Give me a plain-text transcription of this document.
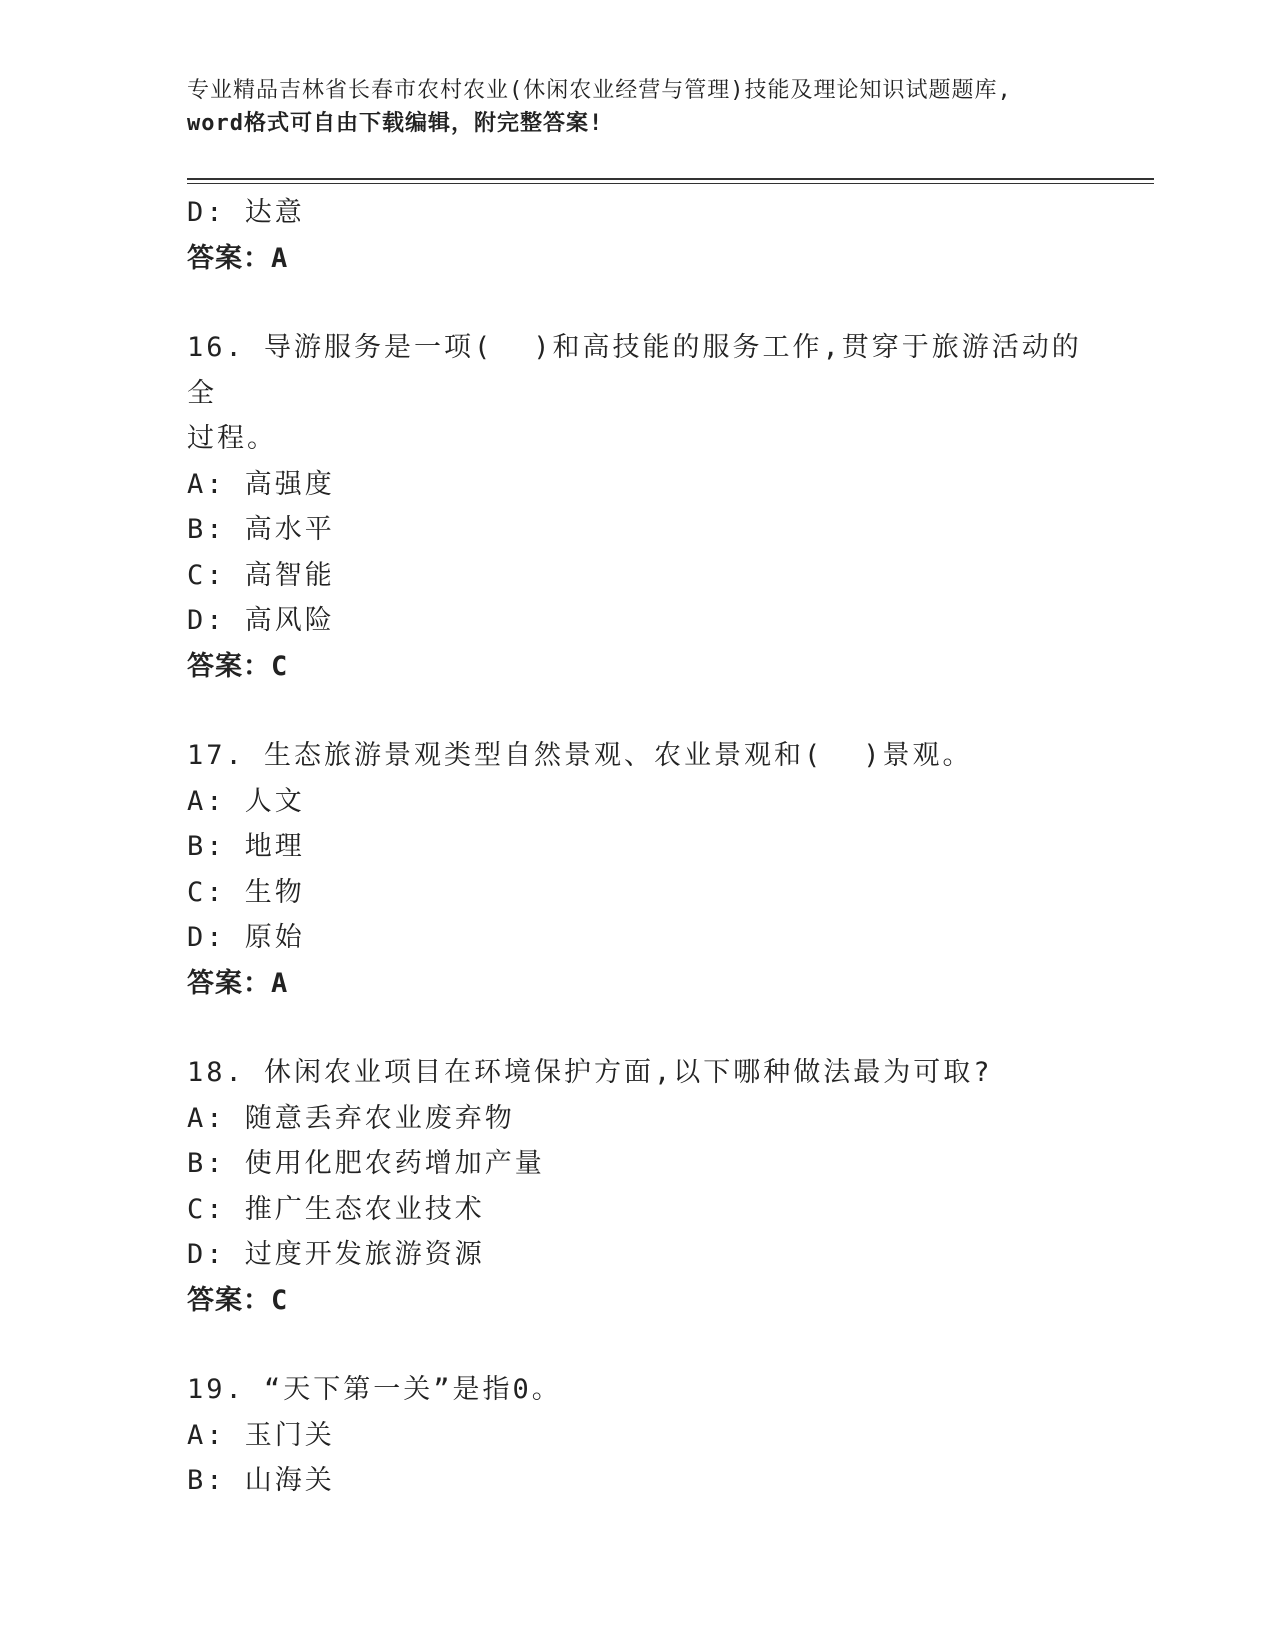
专业精品吉林省长春市农村农业(休闲农业经营与管理)技能及理论知识试题题库,
word格式可自由下载编辑，附完整答案!
D: 达意
答案：A
16. 导游服务是一项( )和高技能的服务工作,贯穿于旅游活动的全
过程。
A: 高强度
B: 高水平
C: 高智能
D: 高风险
答案：C
17. 生态旅游景观类型自然景观、农业景观和( )景观。
A: 人文
B: 地理
C: 生物
D: 原始
答案：A
18. 休闲农业项目在环境保护方面,以下哪种做法最为可取?
A: 随意丢弃农业废弃物
B: 使用化肥农药增加产量
C: 推广生态农业技术
D: 过度开发旅游资源
答案：C
19. “天下第一关”是指0。
A: 玉门关
B: 山海关
